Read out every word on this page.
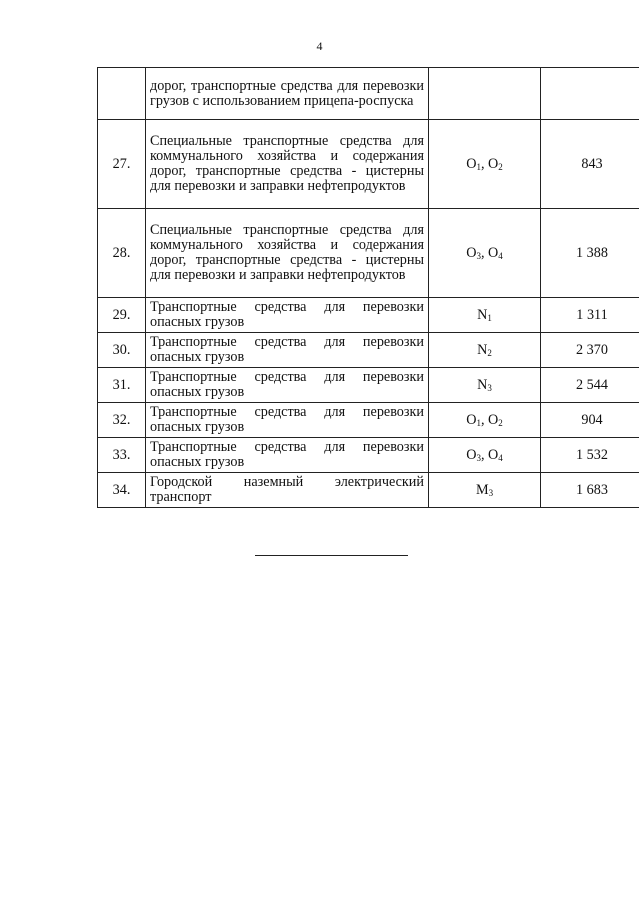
4
	дорог, транспортные средства для перевозки грузов с использованием прицепа-роспуска		
27.	Специальные транспортные средства для коммунального хозяйства и содержания дорог, транспортные средства - цистерны для перевозки и заправки нефтепродуктов	$O_1$, $O_2$	843
28.	Специальные транспортные средства для коммунального хозяйства и содержания дорог, транспортные средства - цистерны для перевозки и заправки нефтепродуктов	$O_3$, $O_4$	1 388
29.	Транспортные средства для перевозки опасных грузов	$N_1$	1 311
30.	Транспортные средства для перевозки опасных грузов	$N_2$	2 370
31.	Транспортные средства для перевозки опасных грузов	$N_3$	2 544
32.	Транспортные средства для перевозки опасных грузов	$O_1$, $O_2$	904
33.	Транспортные средства для перевозки опасных грузов	$O_3$, $O_4$	1 532
34.	Городской наземный электрический транспорт	$M_3$	1 683
